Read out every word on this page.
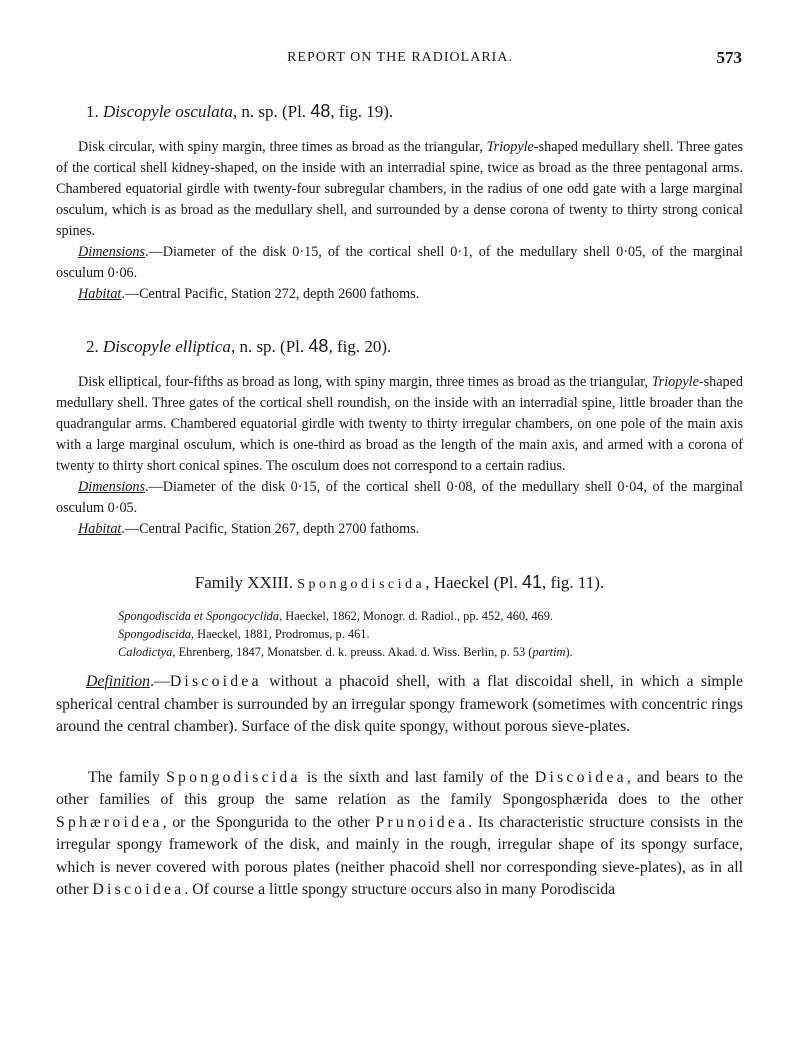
REPORT ON THE RADIOLARIA.	573
1. Discopyle osculata, n. sp. (Pl. 48, fig. 19).

Disk circular, with spiny margin, three times as broad as the triangular, Triopyle-shaped medullary shell. Three gates of the cortical shell kidney-shaped, on the inside with an interradial spine, twice as broad as the three pentagonal arms. Chambered equatorial girdle with twenty-four subregular chambers, in the radius of one odd gate with a large marginal osculum, which is as broad as the medullary shell, and surrounded by a dense corona of twenty to thirty strong conical spines.

Dimensions.—Diameter of the disk 0·15, of the cortical shell 0·1, of the medullary shell 0·05, of the marginal osculum 0·06.

Habitat.—Central Pacific, Station 272, depth 2600 fathoms.

2. Discopyle elliptica, n. sp. (Pl. 48, fig. 20).

Disk elliptical, four-fifths as broad as long, with spiny margin, three times as broad as the triangular, Triopyle-shaped medullary shell. Three gates of the cortical shell roundish, on the inside with an interradial spine, little broader than the quadrangular arms. Chambered equatorial girdle with twenty to thirty irregular chambers, on one pole of the main axis with a large marginal osculum, which is one-third as broad as the length of the main axis, and armed with a corona of twenty to thirty short conical spines. The osculum does not correspond to a certain radius.

Dimensions.—Diameter of the disk 0·15, of the cortical shell 0·08, of the medullary shell 0·04, of the marginal osculum 0·05.

Habitat.—Central Pacific, Station 267, depth 2700 fathoms.

Family XXIII. Spongodiscida, Haeckel (Pl. 41, fig. 11).
Spongodiscida et Spongocyclida, Haeckel, 1862, Monogr. d. Radiol., pp. 452, 460, 469.
Spongodiscida, Haeckel, 1881, Prodromus, p. 461.
Calodictya, Ehrenberg, 1847, Monatsber. d. k. preuss. Akad. d. Wiss. Berlin, p. 53 (partim).

Definition.—Discoidea without a phacoid shell, with a flat discoidal shell, in which a simple spherical central chamber is surrounded by an irregular spongy framework (sometimes with concentric rings around the central chamber). Surface of the disk quite spongy, without porous sieve-plates.

The family Spongodiscida is the sixth and last family of the Discoidea, and bears to the other families of this group the same relation as the family Spongosphærida does to the other Sphæroidea, or the Spongurida to the other Prunoidea. Its characteristic structure consists in the irregular spongy framework of the disk, and mainly in the rough, irregular shape of its spongy surface, which is never covered with porous plates (neither phacoid shell nor corresponding sieve-plates), as in all other Discoidea. Of course a little spongy structure occurs also in many Porodiscida
